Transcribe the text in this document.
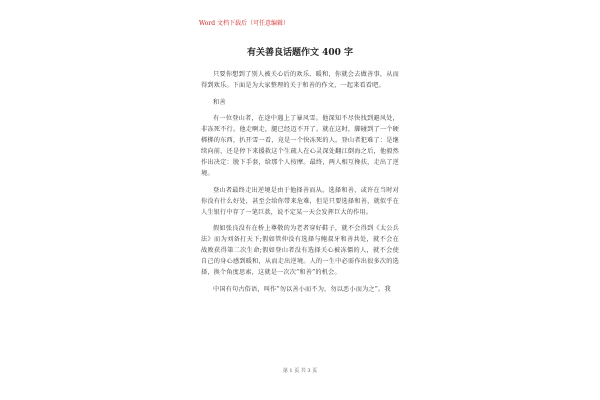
Word 文档下载后（可任意编辑）
有关善良话题作文 400 字

只要你想到了别人被关心后的欢乐、暖和，你就会去做善事，从而得到欢乐。下面是为大家整理的关于和善的作文，一起来看看吧。

和善

有一位登山者，在途中遇上了暴风雪。他深知不尽快找到避风处，非冻死不行。他走啊走，腿已经迈不开了。就在这时，脚碰到了一个硬梆梆的东西，扒开雪一看，竟是一个快冻死的人。登山者犯难了：是继续向前，还是停下来援救这个生疏人在心灵深处翻江倒海之后，他毅然作出决定：脱下手套，给那个人按摩。最终，两人相互搀扶，走出了逆境。

登山者最终走出逆境是由于他择善而从。选择和善，或许在当时对你没有什么好处，甚至会给你带来危难，但是只要选择和善，就似乎在人生银行中存了一笔巨款，说不定某一天会发挥巨大的作用。

假如张良没有在桥上尊敬的为老者穿好鞋子，就不会得到《太公兵法》而为刘备打天下;假如管仲没有选择与鲍叔牙和善共处，就不会在战败获得第二次生命;假如登山者没有选择关心被冻僵的人，就不会使自己的身心感到暖和，从而走出逆境。人的一生中必需作出很多次的选择，换个角度思索，这就是一次次“和善”的机会。

中国有句古俗语，叫作“勿以善小而不为，勿以恶小而为之”。我

第 1 页 共 3 页
